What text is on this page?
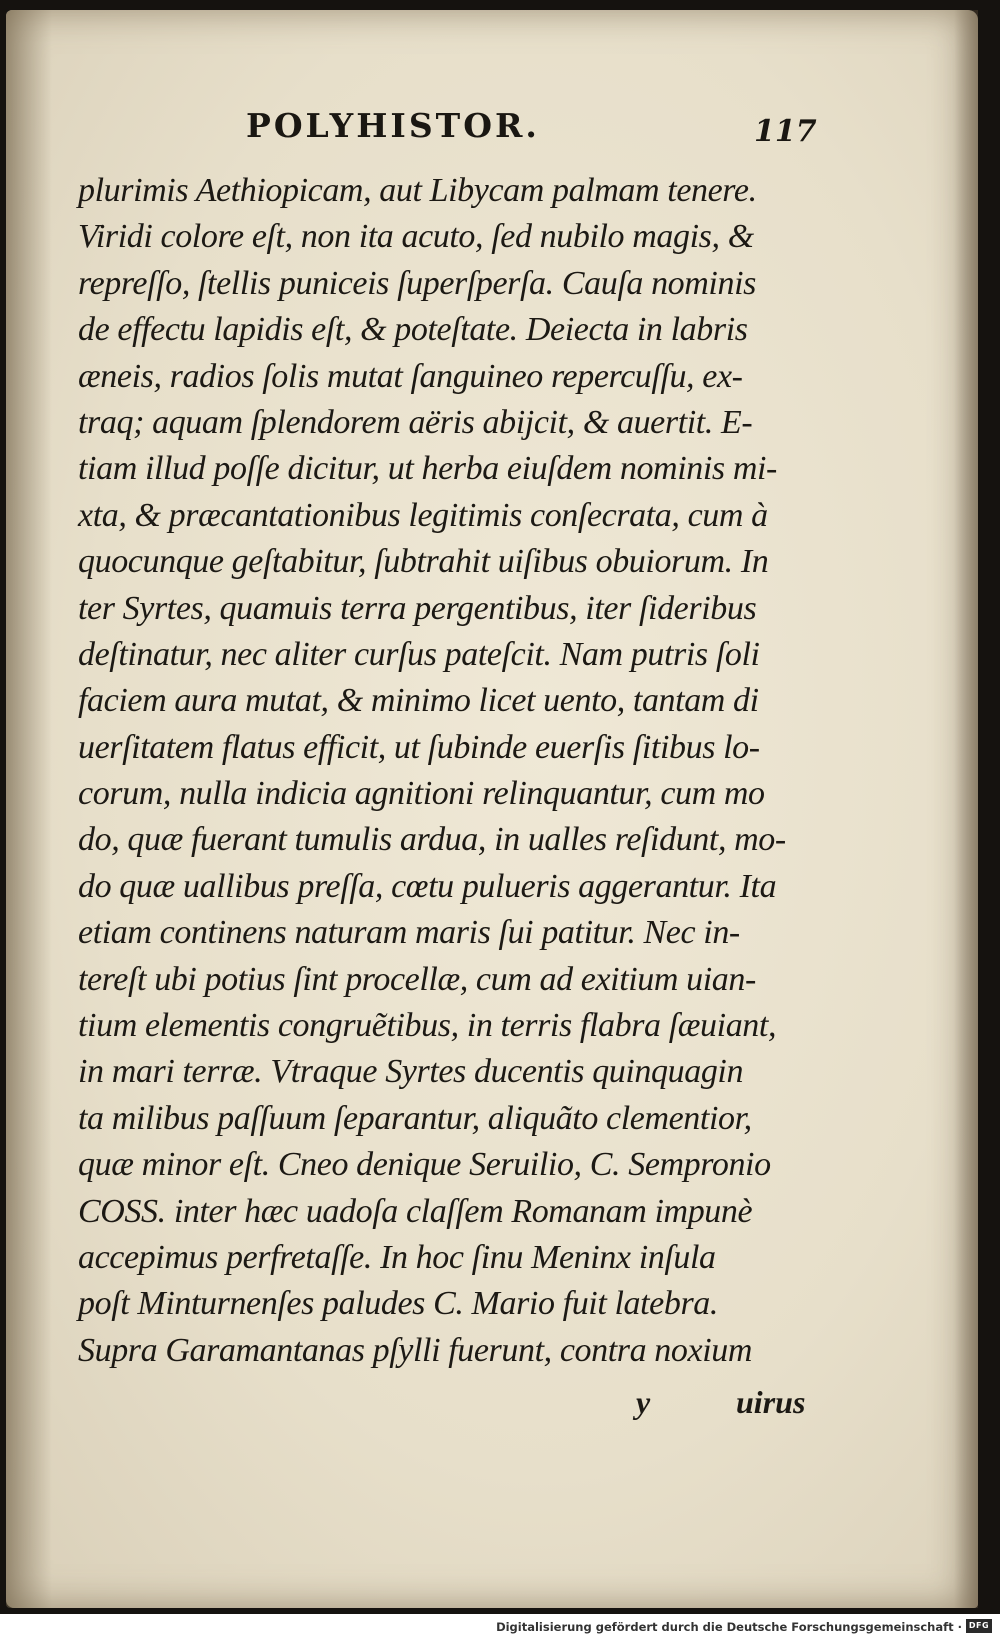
POLYHISTOR.	117
plurimis Aethiopicam, aut Libycam palmam tenere.
Viridi colore eſt, non ita acuto, ſed nubilo magis, &
repreſſo, ſtellis puniceis ſuperſperſa. Cauſa nominis
de effectu lapidis eſt, & poteſtate. Deiecta in labris
æneis, radios ſolis mutat ſanguineo repercuſſu, ex-
traq; aquam ſplendorem aëris abijcit, & auertit. E-
tiam illud poſſe dicitur, ut herba eiuſdem nominis mi-
xta, & præcantationibus legitimis conſecrata, cum à
quocunque geſtabitur, ſubtrahit uiſibus obuiorum. In
ter Syrtes, quamuis terra pergentibus, iter ſideribus
deſtinatur, nec aliter curſus pateſcit. Nam putris ſoli
faciem aura mutat, & minimo licet uento, tantam di
uerſitatem flatus efficit, ut ſubinde euerſis ſitibus lo-
corum, nulla indicia agnitioni relinquantur, cum mo
do, quæ fuerant tumulis ardua, in ualles reſidunt, mo-
do quæ uallibus preſſa, cœtu pulueris aggerantur. Ita
etiam continens naturam maris ſui patitur. Nec in-
tereſt ubi potius ſint procellæ, cum ad exitium uian-
tium elementis congruẽtibus, in terris flabra ſæuiant,
in mari terræ. Vtraque Syrtes ducentis quinquagin
ta milibus paſſuum ſeparantur, aliquãto clementior,
quæ minor eſt. Cneo denique Seruilio, C. Sempronio
COSS. inter hæc uadoſa claſſem Romanam impunè
accepimus perfretaſſe. In hoc ſinu Meninx inſula
poſt Minturnenſes paludes C. Mario fuit latebra.
Supra Garamantanas pſylli fuerunt, contra noxium
y	uirus
Digitalisierung gefördert durch die Deutsche Forschungsgemeinschaft · DFG
